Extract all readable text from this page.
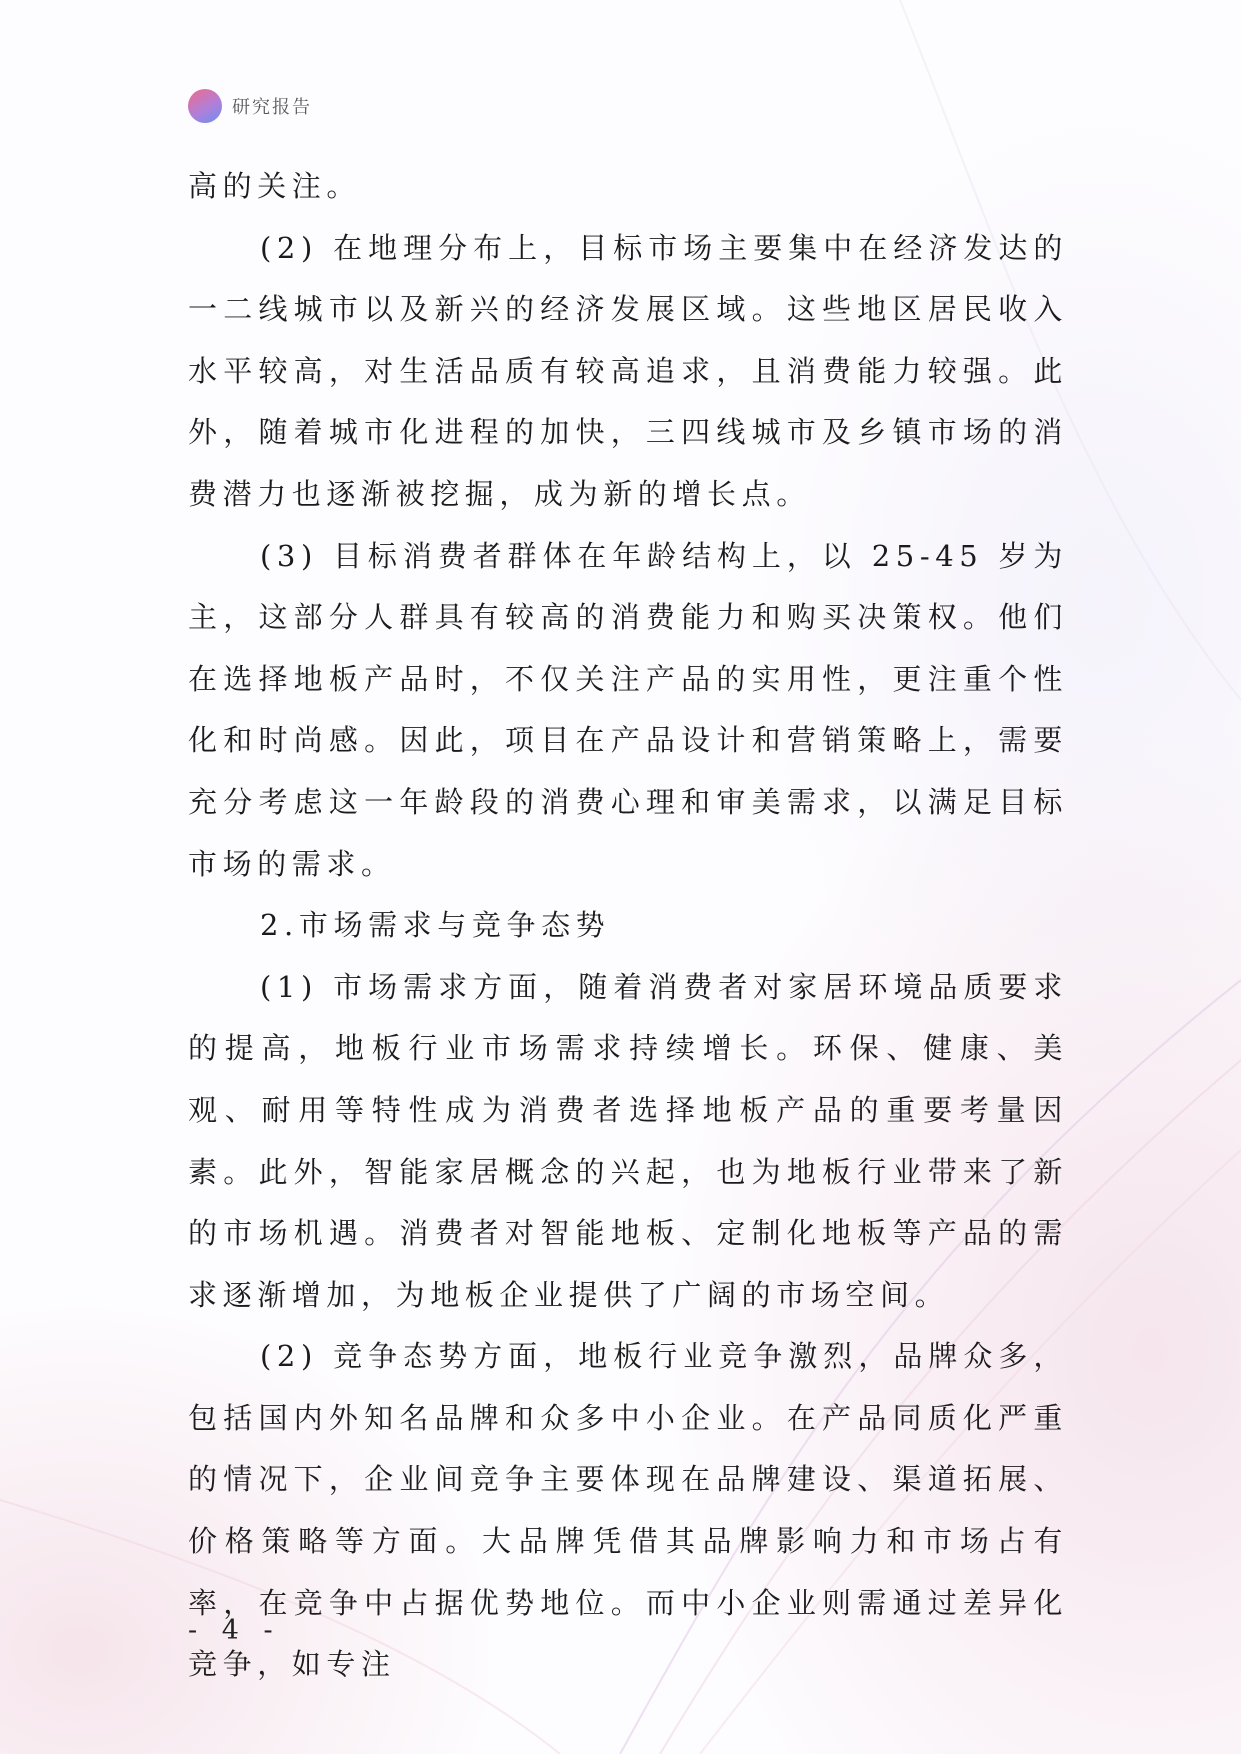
研究报告

高的关注。

(2) 在地理分布上，目标市场主要集中在经济发达的一二线城市以及新兴的经济发展区域。这些地区居民收入水平较高，对生活品质有较高追求，且消费能力较强。此外，随着城市化进程的加快，三四线城市及乡镇市场的消费潜力也逐渐被挖掘，成为新的增长点。

(3) 目标消费者群体在年龄结构上，以 25-45 岁为主，这部分人群具有较高的消费能力和购买决策权。他们在选择地板产品时，不仅关注产品的实用性，更注重个性化和时尚感。因此，项目在产品设计和营销策略上，需要充分考虑这一年龄段的消费心理和审美需求，以满足目标市场的需求。

2.市场需求与竞争态势

(1) 市场需求方面，随着消费者对家居环境品质要求的提高，地板行业市场需求持续增长。环保、健康、美观、耐用等特性成为消费者选择地板产品的重要考量因素。此外，智能家居概念的兴起，也为地板行业带来了新的市场机遇。消费者对智能地板、定制化地板等产品的需求逐渐增加，为地板企业提供了广阔的市场空间。

(2) 竞争态势方面，地板行业竞争激烈，品牌众多，包括国内外知名品牌和众多中小企业。在产品同质化严重的情况下，企业间竞争主要体现在品牌建设、渠道拓展、价格策略等方面。大品牌凭借其品牌影响力和市场占有率，在竞争中占据优势地位。而中小企业则需通过差异化竞争，如专注

- 4 -
